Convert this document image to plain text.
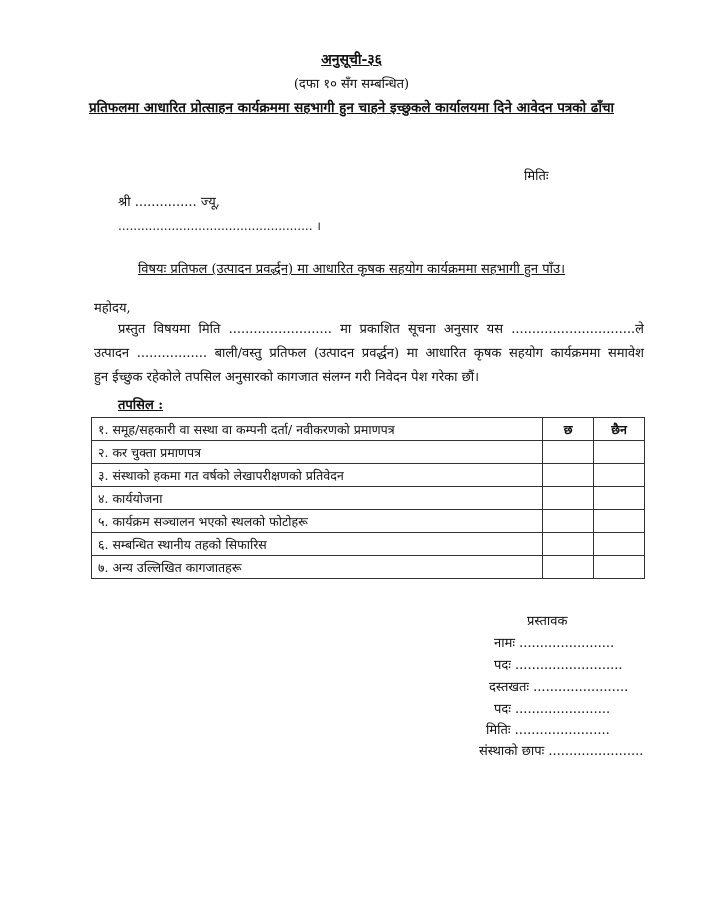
अनुसूची-३६
(दफा १० सँग सम्बन्धित)
प्रतिफलमा आधारित प्रोत्साहन कार्यक्रममा सहभागी हुन चाहने इच्छुकले कार्यालयमा दिने आवेदन पत्रको ढाँचा
मितिः
श्री ............... ज्यू,
................................................... ।
विषयः प्रतिफल (उत्पादन प्रवर्द्धन) मा आधारित कृषक सहयोग कार्यक्रममा सहभागी हुन पाँउ।
महोदय,
प्रस्तुत विषयमा मिति ......................... मा प्रकाशित सूचना अनुसार यस ..............................ले
उत्पादन ................. बाली/वस्तु प्रतिफल (उत्पादन प्रवर्द्धन) मा आधारित कृषक सहयोग कार्यक्रममा समावेश
हुन ईच्छुक रहेकोले तपसिल अनुसारको कागजात संलग्न गरी निवेदन पेश गरेका छौं।
तपसिल :
१. समूह/सहकारी वा सस्था वा कम्पनी दर्ता/ नवीकरणको प्रमाणपत्र	छ	छैन
२. कर चुक्ता प्रमाणपत्र		
३. संस्थाको हकमा गत वर्षको लेखापरीक्षणको प्रतिवेदन		
४. कार्ययोजना		
५. कार्यक्रम सञ्चालन भएको स्थलको फोटोहरू		
६. सम्बन्धित स्थानीय तहको सिफारिस		
७. अन्य उल्लिखित कागजातहरू		
प्रस्तावक
नामः .......................
पदः ..........................
दस्तखतः .......................
पदः .......................
मितिः .......................
संस्थाको छापः .......................
